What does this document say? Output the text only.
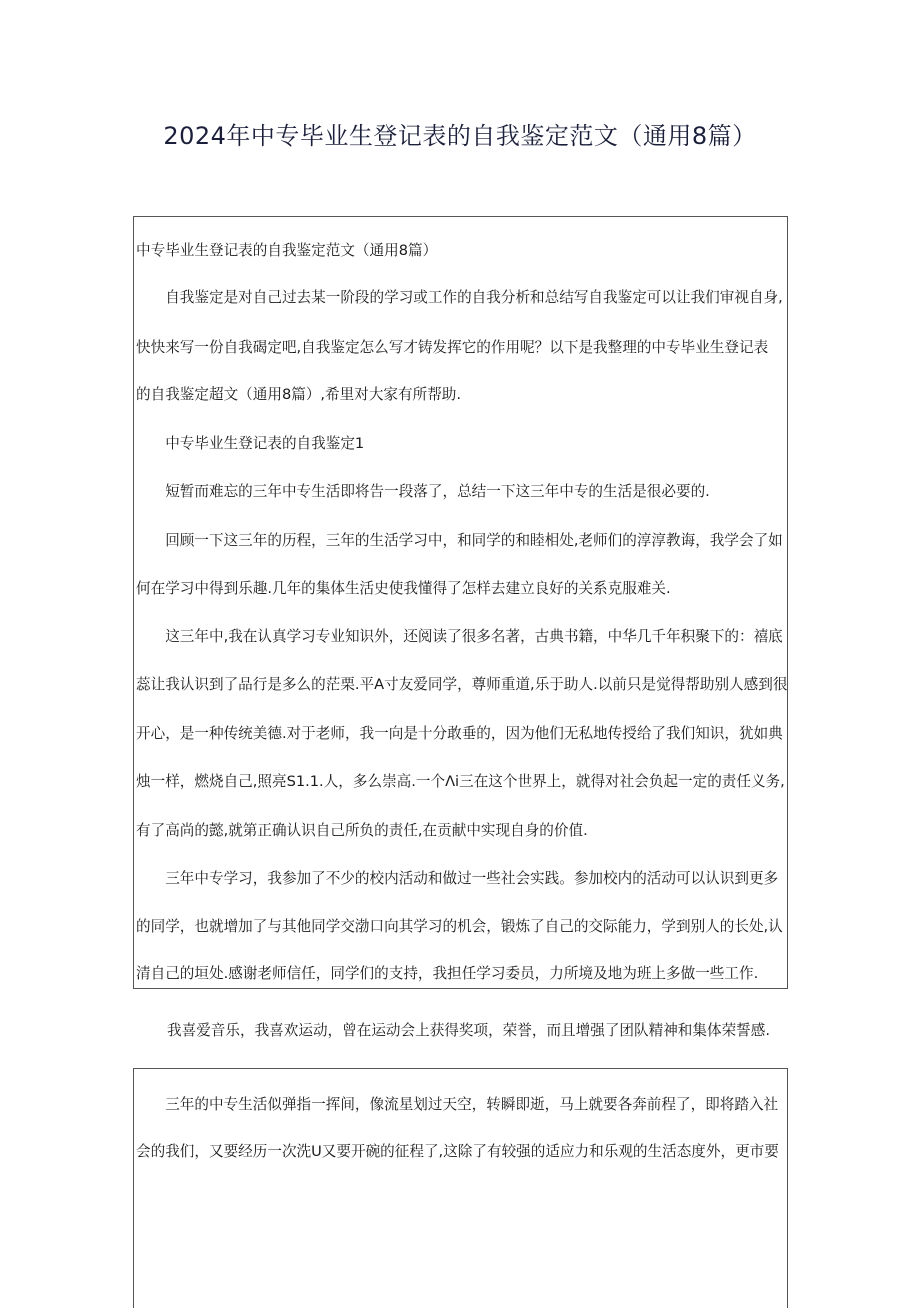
2024年中专毕业生登记表的自我鉴定范文（通用8篇）
中专毕业生登记表的自我鉴定范文（通用8篇）
　　自我鉴定是对自己过去某一阶段的学习或工作的自我分析和总结写自我鉴定可以让我们审视自身,
快快来写一份自我碣定吧,自我鉴定怎么写才铸发挥它的作用呢？以下是我整理的中专毕业生登记表
的自我鉴定超文（通用8篇）,希里对大家有所帮助.
　　中专毕业生登记表的自我鉴定1
　　短暂而难忘的三年中专生活即将告一段落了，总结一下这三年中专的生活是很必要的.
　　回顾一下这三年的历程，三年的生活学习中，和同学的和睦相处,老师们的淳淳教诲，我学会了如
何在学习中得到乐趣.几年的集体生活史使我懂得了怎样去建立良好的关系克服难关.
　　这三年中,我在认真学习专业知识外，还阅读了很多名著，古典书籍，中华几千年积聚下的：禧底
蕊让我认识到了品行是多么的茫栗.平A寸友爱同学，尊师重道,乐于助人.以前只是觉得帮助别人感到很
开心，是一种传统美德.对于老师，我一向是十分敢垂的，因为他们无私地传授给了我们知识，犹如典
烛一样，燃烧自己,照亮S1.1.人，多么崇高.一个Λi三在这个世界上，就得对社会负起一定的责任义务,
有了高尚的懿,就第正确认识自己所负的责任,在贡献中实现自身的价值.
　　三年中专学习，我参加了不少的校内活动和做过一些社会实践。参加校内的活动可以认识到更多
的同学，也就增加了与其他同学交渤口向其学习的机会，锻炼了自己的交际能力，学到别人的长处,认
清自己的垣处.感谢老师信任，同学们的支持，我担任学习委员，力所境及地为班上多做一些工作.
我喜爱音乐，我喜欢运动，曾在运动会上获得奖项，荣誉，而且增强了团队精神和集体荣誓感.
　　三年的中专生活似弹指一挥间，像流星划过天空，转瞬即逝，马上就要各奔前程了，即将踏入社
会的我们，又要经历一次洗U又要开碗的征程了,这除了有较强的适应力和乐观的生活态度外，更市要
